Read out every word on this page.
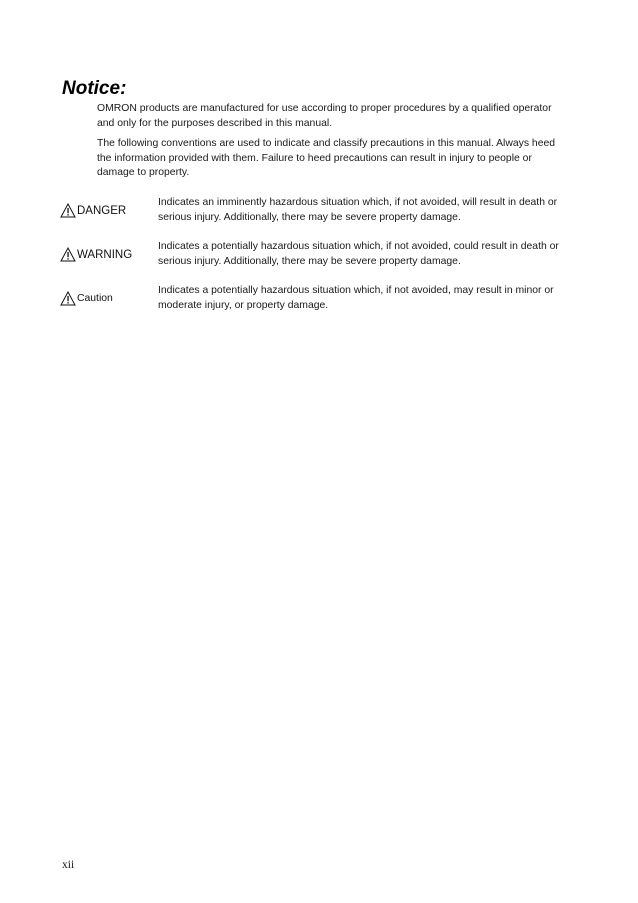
Notice:

OMRON products are manufactured for use according to proper procedures by a qualified operator and only for the purposes described in this manual.

The following conventions are used to indicate and classify precautions in this manual. Always heed the information provided with them. Failure to heed precautions can result in injury to people or damage to property.

DANGER
Indicates an imminently hazardous situation which, if not avoided, will result in death or serious injury. Additionally, there may be severe property damage.
WARNING
Indicates a potentially hazardous situation which, if not avoided, could result in death or serious injury. Additionally, there may be severe property damage.
Caution
Indicates a potentially hazardous situation which, if not avoided, may result in minor or moderate injury, or property damage.
xii
